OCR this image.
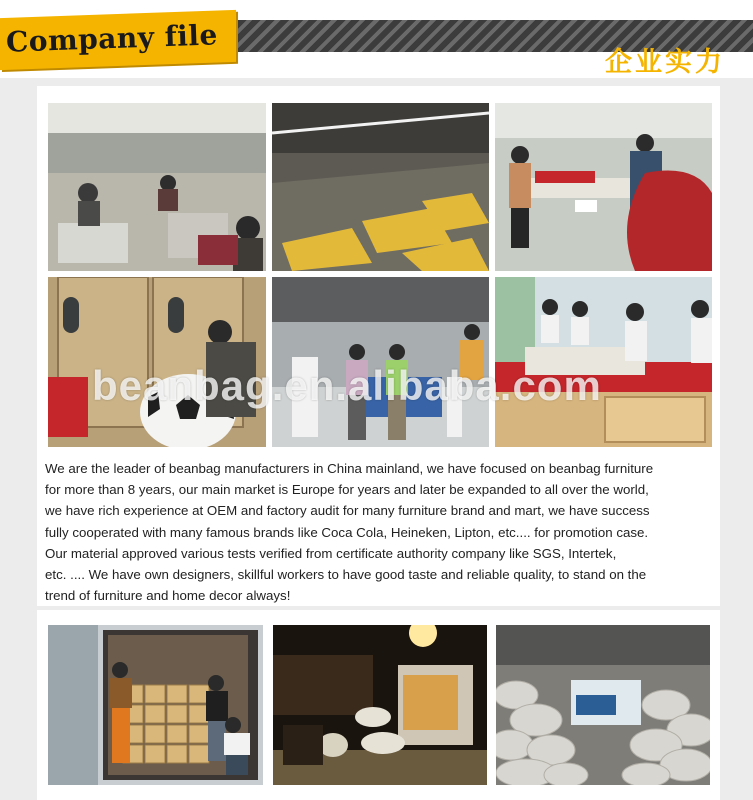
Company file
企业实力
beanbag.en.alibaba.com

We are the leader of beanbag manufacturers in China mainland, we have focused on beanbag furniture

for more than 8 years, our main market is Europe for years and later be expanded to all over the world,

we have rich experience at OEM and factory audit for many furniture brand and mart, we have success

fully cooperated with many famous brands like Coca Cola, Heineken, Lipton, etc.... for promotion case.

Our material approved various tests verified from certificate authority company like SGS, Intertek,

etc. .... We have own designers, skillful workers to have good taste and reliable quality, to stand on the

trend of furniture and home decor always!
